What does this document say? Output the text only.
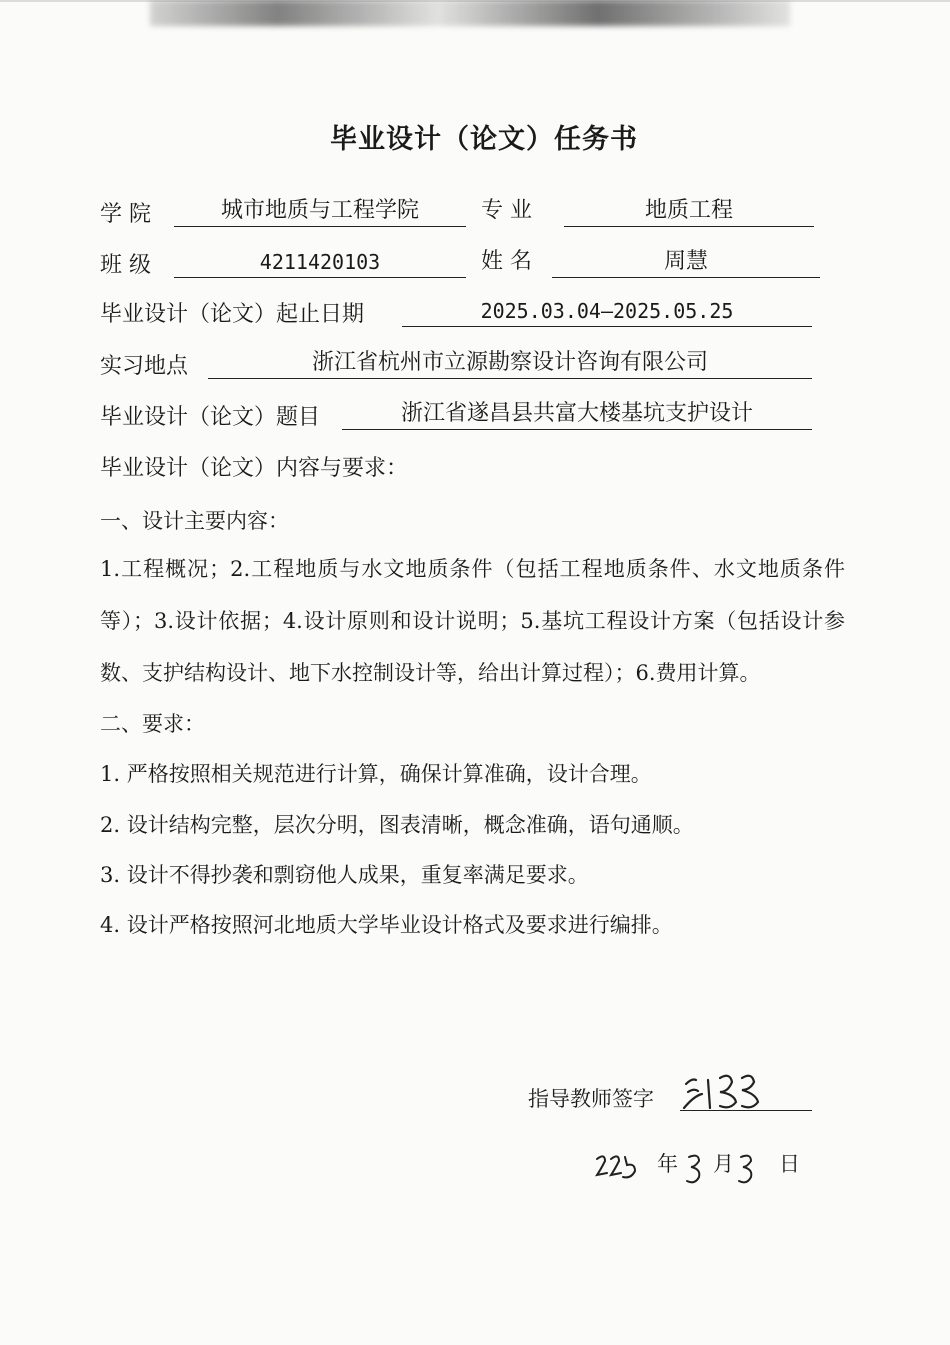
毕业设计（论文）任务书
学 院	城市地质与工程学院	专 业	地质工程
班 级	4211420103	姓 名	周慧
毕业设计（论文）起止日期	2025.03.04—2025.05.25
实习地点	浙江省杭州市立源勘察设计咨询有限公司
毕业设计（论文）题目	浙江省遂昌县共富大楼基坑支护设计
毕业设计（论文）内容与要求：
一、设计主要内容：
1.工程概况；2.工程地质与水文地质条件（包括工程地质条件、水文地质条件等）；3.设计依据；4.设计原则和设计说明；5.基坑工程设计方案（包括设计参数、支护结构设计、地下水控制设计等，给出计算过程）；6.费用计算。
二、要求：
1. 严格按照相关规范进行计算，确保计算准确，设计合理。
2. 设计结构完整，层次分明，图表清晰，概念准确，语句通顺。
3. 设计不得抄袭和剽窃他人成果，重复率满足要求。
4. 设计严格按照河北地质大学毕业设计格式及要求进行编排。
指导教师签字
年 月 日
